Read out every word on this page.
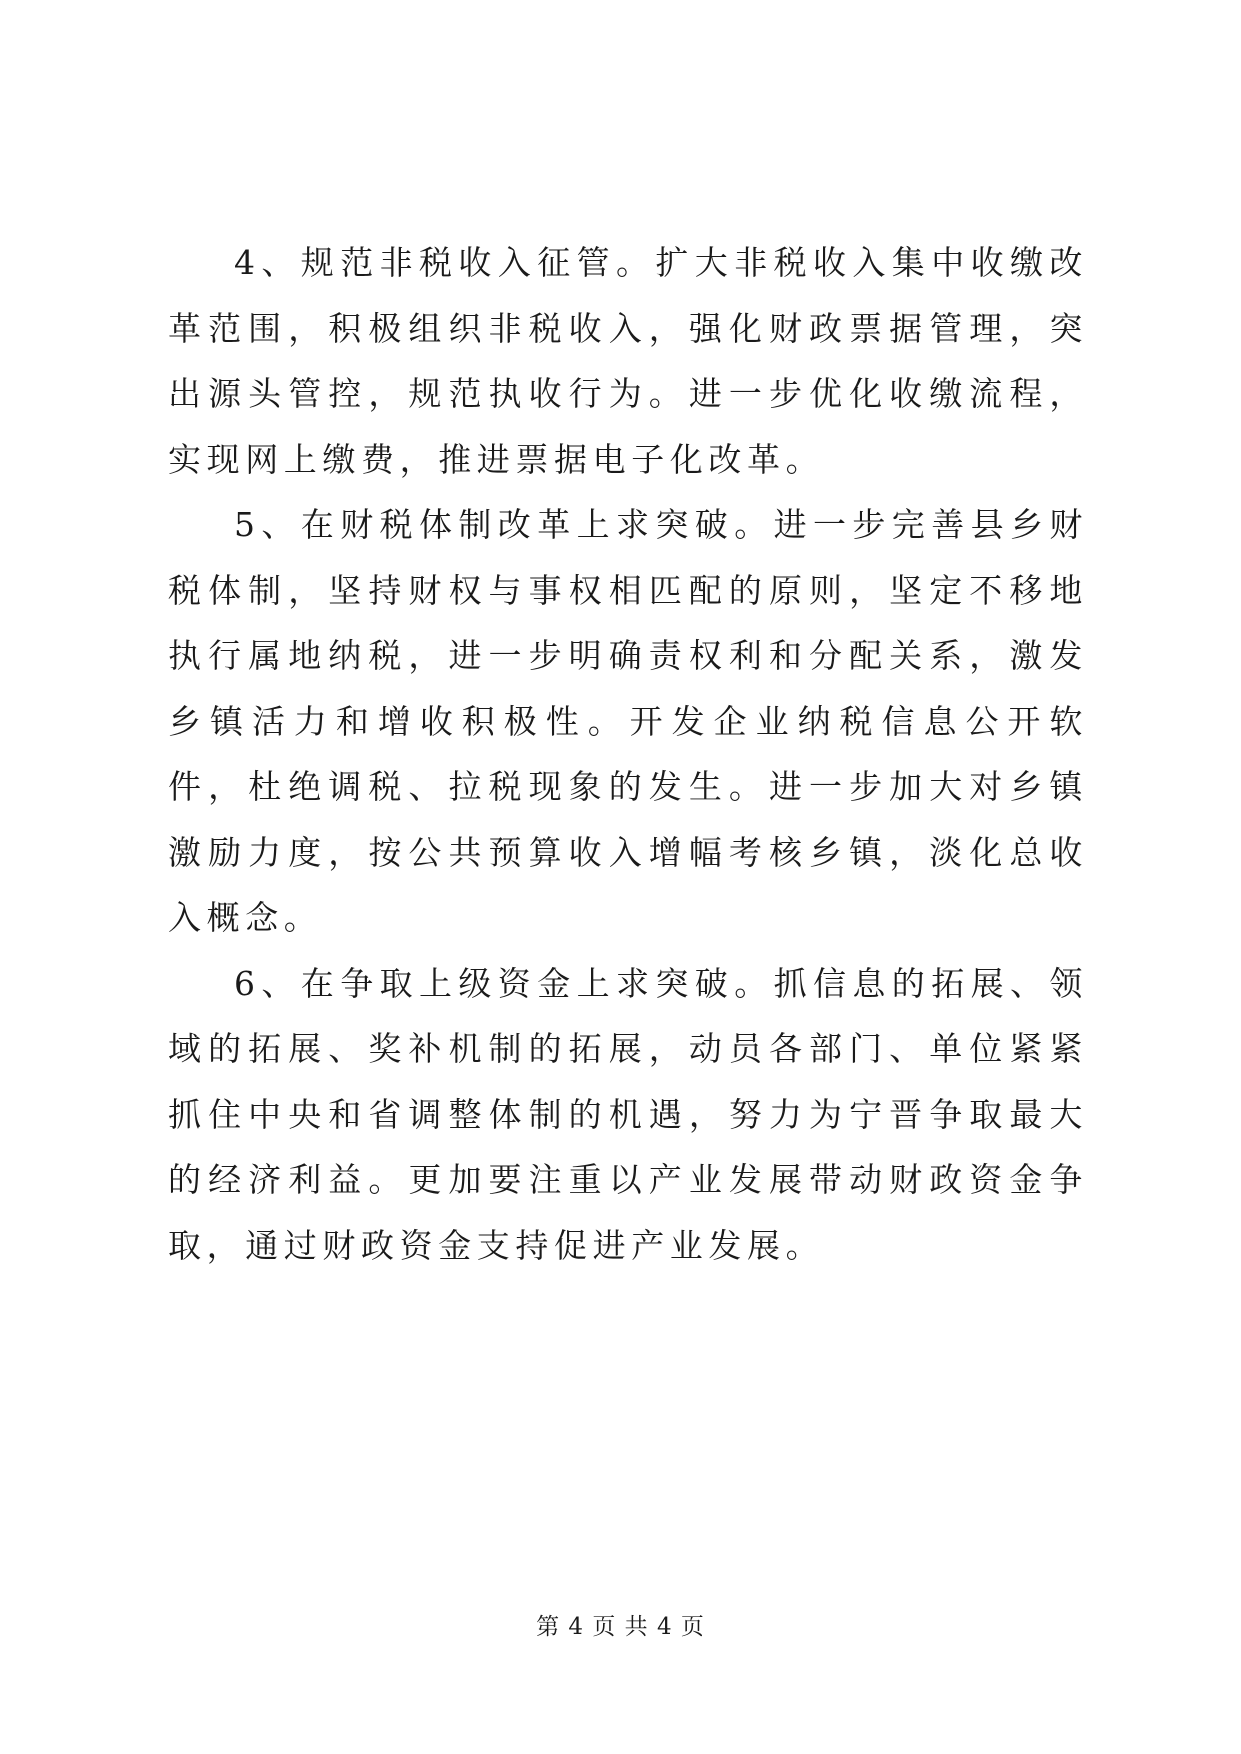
4、规范非税收入征管。扩大非税收入集中收缴改革范围，积极组织非税收入，强化财政票据管理，突出源头管控，规范执收行为。进一步优化收缴流程，实现网上缴费，推进票据电子化改革。

5、在财税体制改革上求突破。进一步完善县乡财税体制，坚持财权与事权相匹配的原则，坚定不移地执行属地纳税，进一步明确责权利和分配关系，激发乡镇活力和增收积极性。开发企业纳税信息公开软件，杜绝调税、拉税现象的发生。进一步加大对乡镇激励力度，按公共预算收入增幅考核乡镇，淡化总收入概念。

6、在争取上级资金上求突破。抓信息的拓展、领域的拓展、奖补机制的拓展，动员各部门、单位紧紧抓住中央和省调整体制的机遇，努力为宁晋争取最大的经济利益。更加要注重以产业发展带动财政资金争取，通过财政资金支持促进产业发展。

第 4 页 共 4 页
